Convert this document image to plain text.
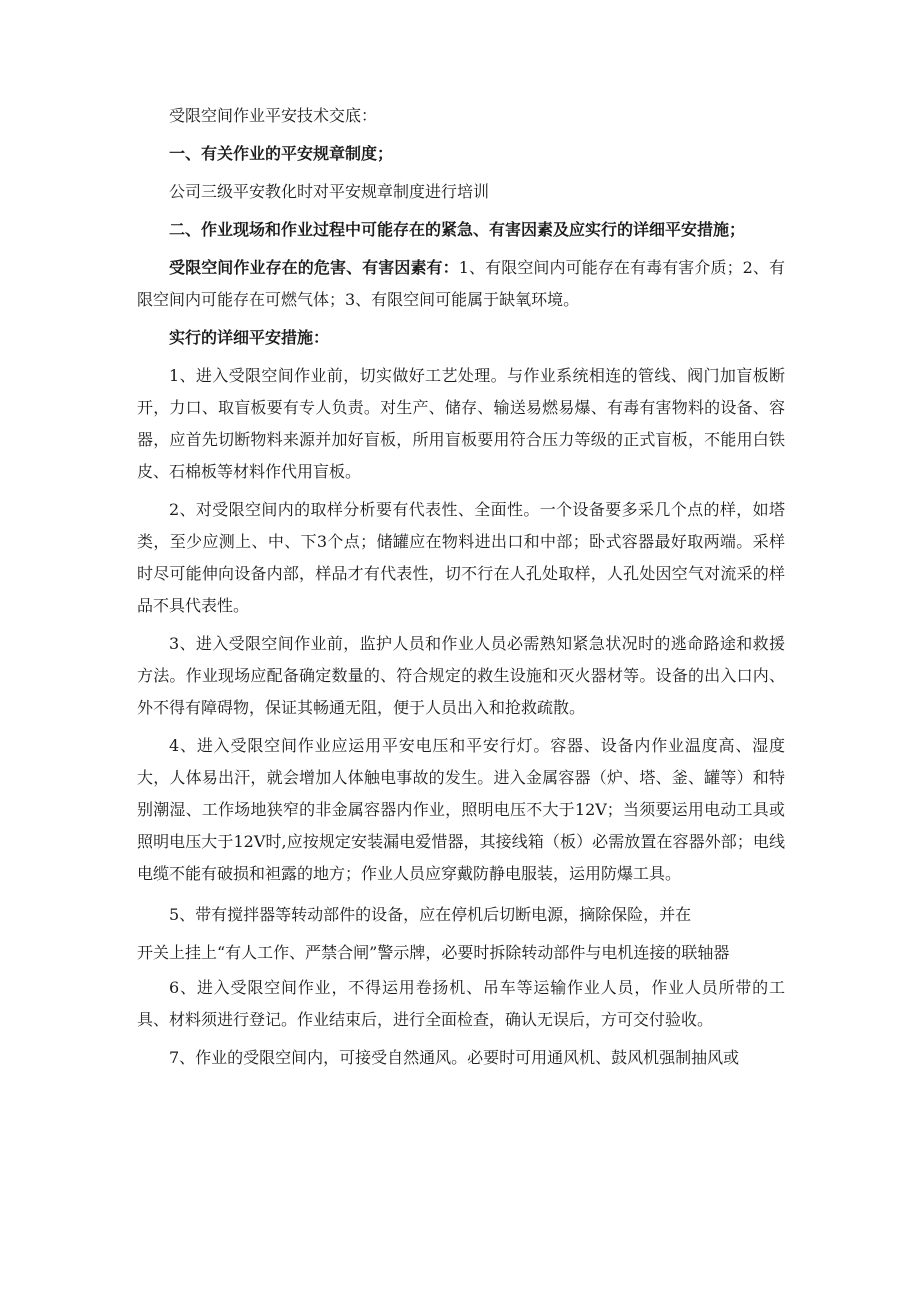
受限空间作业平安技术交底：

一、有关作业的平安规章制度；

公司三级平安教化时对平安规章制度进行培训

二、作业现场和作业过程中可能存在的紧急、有害因素及应实行的详细平安措施；

受限空间作业存在的危害、有害因素有：1、有限空间内可能存在有毒有害介质；2、有限空间内可能存在可燃气体；3、有限空间可能属于缺氧环境。

实行的详细平安措施：

1、进入受限空间作业前，切实做好工艺处理。与作业系统相连的管线、阀门加盲板断开，力口、取盲板要有专人负责。对生产、储存、输送易燃易爆、有毒有害物料的设备、容器，应首先切断物料来源并加好盲板，所用盲板要用符合压力等级的正式盲板，不能用白铁皮、石棉板等材料作代用盲板。

2、对受限空间内的取样分析要有代表性、全面性。一个设备要多采几个点的样，如塔类，至少应测上、中、下3个点；储罐应在物料进出口和中部；卧式容器最好取两端。采样时尽可能伸向设备内部，样品才有代表性，切不行在人孔处取样，人孔处因空气对流采的样品不具代表性。

3、进入受限空间作业前，监护人员和作业人员必需熟知紧急状况时的逃命路途和救援方法。作业现场应配备确定数量的、符合规定的救生设施和灭火器材等。设备的出入口内、外不得有障碍物，保证其畅通无阻，便于人员出入和抢救疏散。

4、进入受限空间作业应运用平安电压和平安行灯。容器、设备内作业温度高、湿度大，人体易出汗，就会增加人体触电事故的发生。进入金属容器（炉、塔、釜、罐等）和特别潮湿、工作场地狭窄的非金属容器内作业，照明电压不大于12V；当须要运用电动工具或照明电压大于12V时,应按规定安装漏电爱惜器，其接线箱（板）必需放置在容器外部；电线电缆不能有破损和袒露的地方；作业人员应穿戴防静电服装，运用防爆工具。

5、带有搅拌器等转动部件的设备，应在停机后切断电源，摘除保险，并在
开关上挂上“有人工作、严禁合闸”警示牌，必要时拆除转动部件与电机连接的联轴器

6、进入受限空间作业，不得运用卷扬机、吊车等运输作业人员，作业人员所带的工具、材料须进行登记。作业结束后，进行全面检查，确认无误后，方可交付验收。

7、作业的受限空间内，可接受自然通风。必要时可用通风机、鼓风机强制抽风或
